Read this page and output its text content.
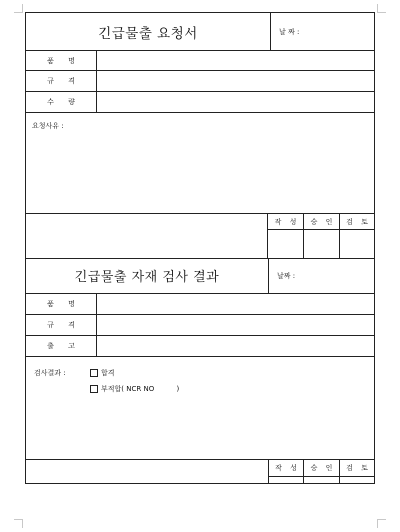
긴급물출 요청서	날 짜 :
품 명
규 격
수 량
요청사유 :
작 성	승 인	검 토
긴급물출 자재 검사 결과	날짜 :
품 명
규 격
출 고
검사결과 :	합격
부적합( NCR NO          )
작 성	승 인	검 토
